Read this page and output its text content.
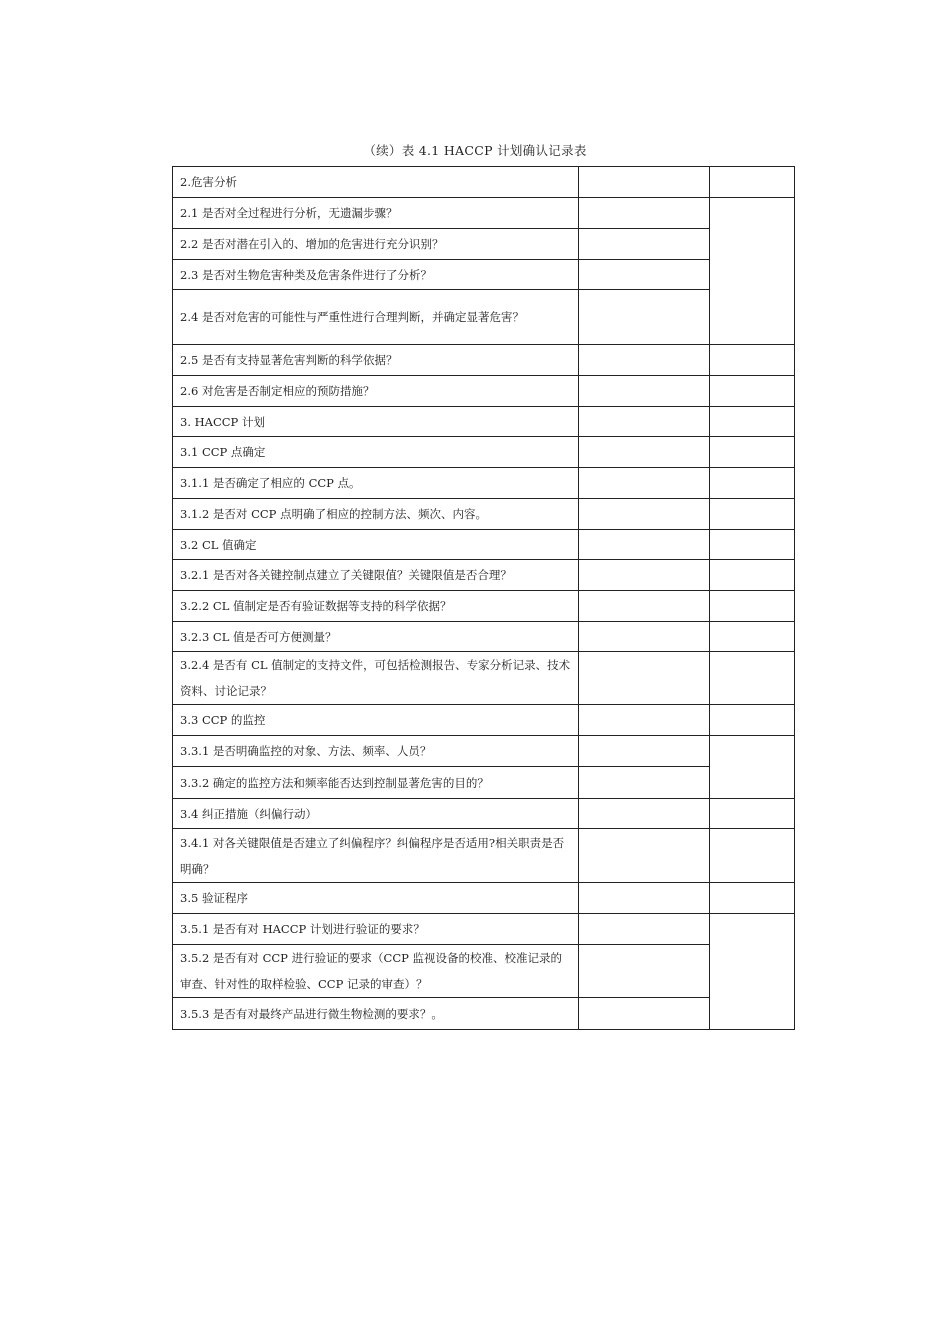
（续）表 4.1 HACCP 计划确认记录表
2.危害分析		
2.1 是否对全过程进行分析，无遗漏步骤？		
2.2 是否对潜在引入的、增加的危害进行充分识别？		
2.3 是否对生物危害种类及危害条件进行了分析？		
2.4 是否对危害的可能性与严重性进行合理判断，并确定显著危害？		
2.5 是否有支持显著危害判断的科学依据？		
2.6 对危害是否制定相应的预防措施？		
3. HACCP 计划		
3.1 CCP 点确定		
3.1.1 是否确定了相应的 CCP 点。		
3.1.2 是否对 CCP 点明确了相应的控制方法、频次、内容。		
3.2 CL 值确定		
3.2.1 是否对各关键控制点建立了关键限值？关键限值是否合理？		
3.2.2 CL 值制定是否有验证数据等支持的科学依据？		
3.2.3 CL 值是否可方便测量？		
3.2.4 是否有 CL 值制定的支持文件，可包括检测报告、专家分析记录、技术资料、讨论记录？		
3.3 CCP 的监控		
3.3.1 是否明确监控的对象、方法、频率、人员？		
3.3.2 确定的监控方法和频率能否达到控制显著危害的目的？		
3.4 纠正措施（纠偏行动）		
3.4.1 对各关键限值是否建立了纠偏程序？纠偏程序是否适用?相关职责是否明确？		
3.5 验证程序		
3.5.1 是否有对 HACCP 计划进行验证的要求？		
3.5.2 是否有对 CCP 进行验证的要求（CCP 监视设备的校准、校准记录的审查、针对性的取样检验、CCP 记录的审查）？		
3.5.3 是否有对最终产品进行微生物检测的要求？。		
